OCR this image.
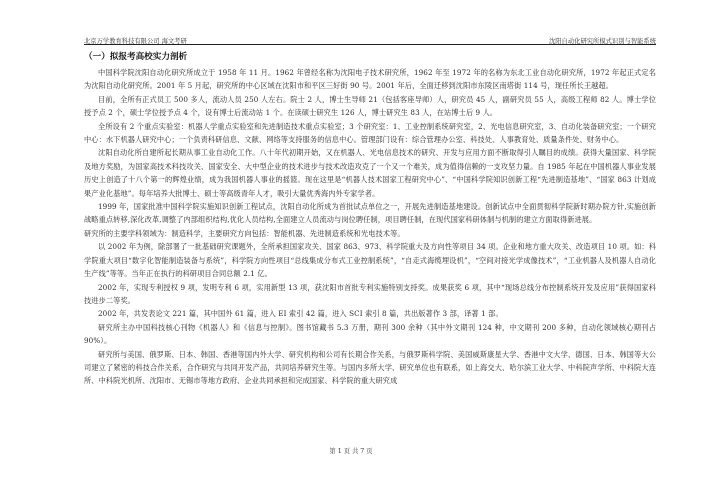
北京万学教育科技有限公司 海文考研	沈阳自动化研究所模式识别与智能系统
（一）拟报考高校实力剖析

中国科学院沈阳自动化研究所成立于 1958 年 11 月。1962 年曾经名称为沈阳电子技术研究所，1962 年至 1972 年的名称为东北工业自动化研究所，1972 年起正式定名为沈阳自动化研究所。2001 年 5 月起，研究所的中心区域在沈阳市和平区三好街 90 号。2001 年后，全面迁移到沈阳市东陵区南塔街 114 号，现任所长王越超。

目前，全所有正式员工 500 多人，流动人员 250 人左右。院士 2 人，博士生导师 21（包括客座导师）人，研究员 45 人，副研究员 55 人，高级工程师 82 人。博士学位授予点 2 个，硕士学位授予点 4 个，设有博士后流动站 1 个。在读硕士研究生 126 人，博士研究生 83 人，在站博士后 9 人。

全所设有 2 个重点实验室：机器人学重点实验室和先进制造技术重点实验室；3 个研究室：1、工业控制系统研究室，2、光电信息研究室，3、自动化装备研究室；一个研究中心：水下机器人研究中心；一个负责科研信息、文献、网络等支持服务的信息中心。管理部门设有：综合管理办公室、科技处、人事教育处、质量条件处、财务中心。

沈阳自动化所自建所起长期从事工业自动化工作。八十年代初期开始，又在机器人、光电信息技术的研究、开发与应用方面不断取得引人瞩目的成绩。获得大量国家、科学院及地方奖励，为国家高技术科技攻关、国家安全、大中型企业的技术进步与技术改造攻克了一个又一个难关，成为值得信赖的一支攻坚力量。自 1985 年起在中国机器人事业发展历史上创造了十八个第一的辉煌业绩，成为我国机器人事业的摇篮。现在这里是“机器人技术国家工程研究中心”、“中国科学院知识创新工程“先进制造基地”、“国家 863 计划成果产业化基地”。每年培养大批博士、硕士等高级青年人才，吸引大量优秀海内外专家学者。

1999 年，国家批准中国科学院实施知识创新工程试点，沈阳自动化所成为首批试点单位之一，开展先进制造基地建设。创新试点中全面贯彻科学院新时期办院方针,实施创新战略重点转移,深化改革,调整了内部组织结构,优化人员结构,全面建立人员流动与岗位聘任制，项目聘任制，在现代国家科研体制与机制的建立方面取得新进展。

研究所的主要学科领域为：制造科学，主要研究方向包括：智能机器、先进制造系统和光电技术等。

以 2002 年为例，除部署了一批基础研究课题外，全所承担国家攻关、国家 863、973、科学院重大及方向性等项目 34 项。企业和地方重大攻关、改造项目 10 项。如：科学院重大项目“数字化智能制造装备与系统”，科学院方向性项目“总线集成分布式工业控制系统”，“自走式海缆埋设机”，“空间对接光学成像技术”，“工业机器人及机器人自动化生产线”等等。当年正在执行的科研项目合同总额 2.1 亿。

2002 年，实现专利授权 9 项，发明专利 6 项，实用新型 13 项，获沈阳市首批专利实施特别支持奖。成果获奖 6 项，其中“现场总线分布控制系统开发及应用”获得国家科技进步二等奖。

2002 年，共发表论文 221 篇，其中国外 61 篇，进入 EI 索引 42 篇，进入 SCI 索引 8 篇，共出版著作 3 部，译著 1 部。

研究所主办中国科技核心刊物《机器人》和《信息与控制》。图书馆藏书 5.3 万册，期刊 300 余种（其中外文期刊 124 种，中文期刊 200 多种，自动化领域核心期刊占 90%）。

研究所与美国、俄罗斯、日本、韩国、香港等国内外大学、研究机构和公司有长期合作关系，与俄罗斯科学院、美国威斯康星大学、香港中文大学、德国、日本、韩国等大公司建立了紧密的科技合作关系，合作研究与共同开发产品，共同培养研究生等。与国内多所大学、研究单位也有联系，如上海交大、哈尔滨工业大学、中科院声学所、中科院大连所、中科院光机所、沈阳市、无锡市等地方政府、企业共同承担和完成国家、科学院的重大研究成

第 1 页 共 7 页
